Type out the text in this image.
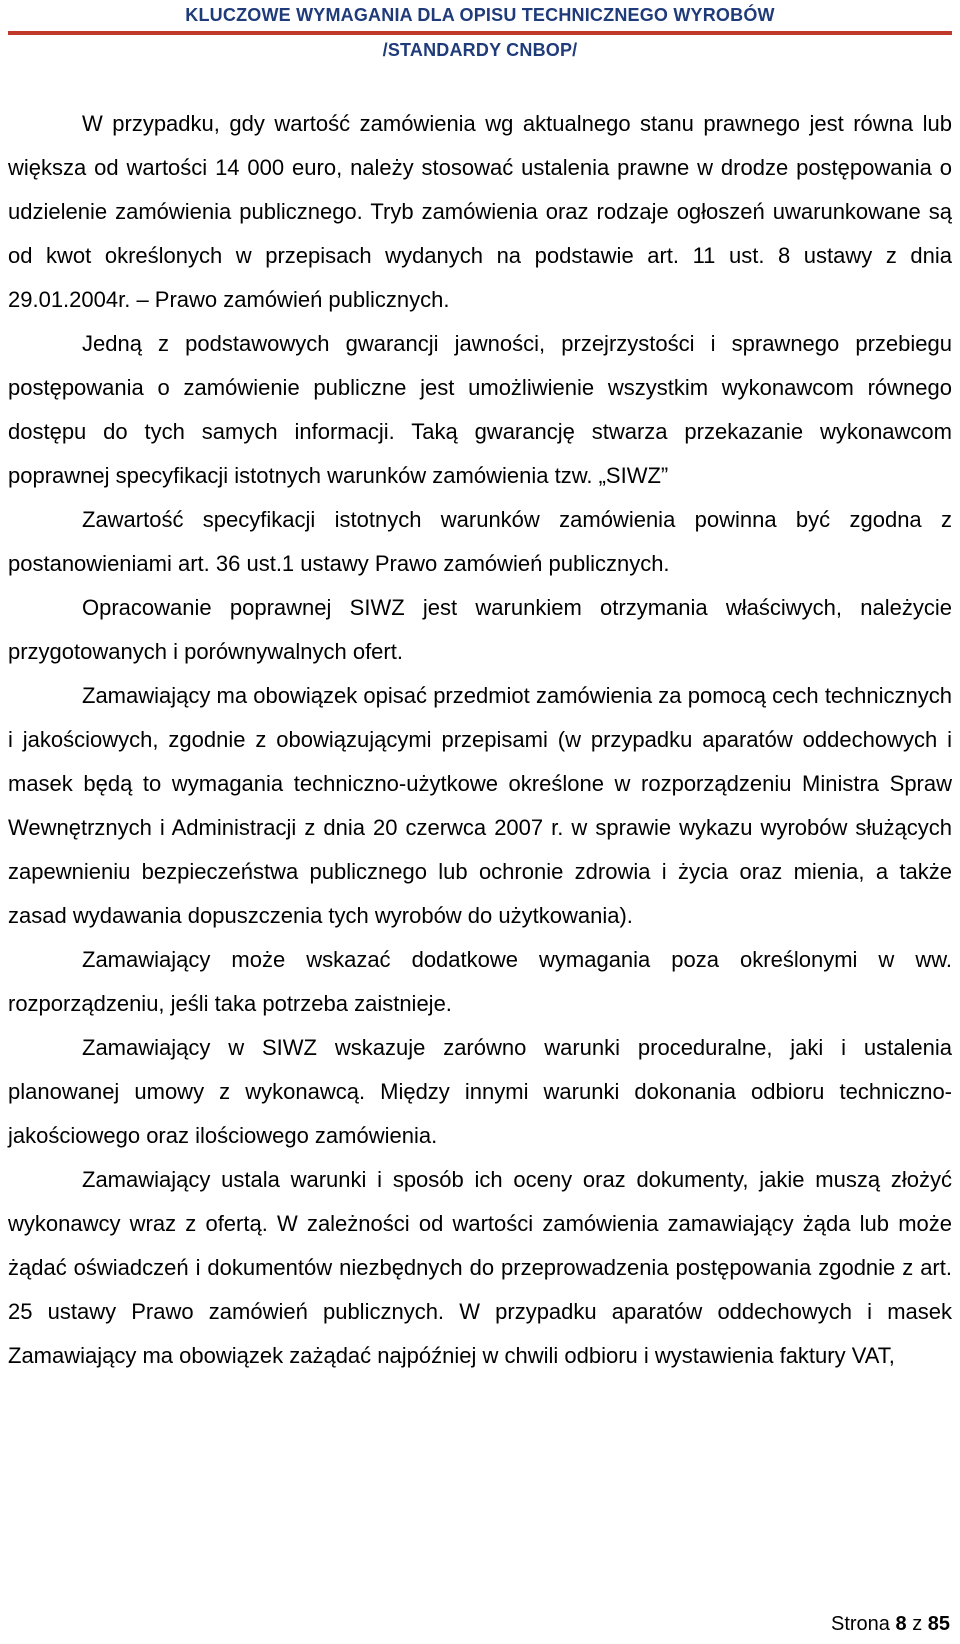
KLUCZOWE WYMAGANIA DLA OPISU TECHNICZNEGO WYROBÓW
/STANDARDY CNBOP/

W przypadku, gdy wartość zamówienia wg aktualnego stanu prawnego jest równa lub większa od wartości 14 000 euro, należy stosować ustalenia prawne w drodze postępowania o udzielenie zamówienia publicznego. Tryb zamówienia oraz rodzaje ogłoszeń uwarunkowane są od kwot określonych w przepisach wydanych na podstawie art. 11 ust. 8 ustawy z dnia 29.01.2004r. – Prawo zamówień publicznych.

Jedną z podstawowych gwarancji jawności, przejrzystości i sprawnego przebiegu postępowania o zamówienie publiczne jest umożliwienie wszystkim wykonawcom równego dostępu do tych samych informacji. Taką gwarancję stwarza przekazanie wykonawcom poprawnej specyfikacji istotnych warunków zamówienia tzw. „SIWZ”

Zawartość specyfikacji istotnych warunków zamówienia powinna być zgodna z postanowieniami art. 36 ust.1 ustawy Prawo zamówień publicznych.

Opracowanie poprawnej SIWZ jest warunkiem otrzymania właściwych, należycie przygotowanych i porównywalnych ofert.

Zamawiający ma obowiązek opisać przedmiot zamówienia za pomocą cech technicznych i jakościowych, zgodnie z obowiązującymi przepisami (w przypadku aparatów oddechowych i masek będą to wymagania techniczno-użytkowe określone w rozporządzeniu Ministra Spraw Wewnętrznych i Administracji z dnia 20 czerwca 2007 r. w sprawie wykazu wyrobów służących zapewnieniu bezpieczeństwa publicznego lub ochronie zdrowia i życia oraz mienia, a także zasad wydawania dopuszczenia tych wyrobów do użytkowania).

Zamawiający może wskazać dodatkowe wymagania poza określonymi w ww. rozporządzeniu, jeśli taka potrzeba zaistnieje.

Zamawiający w SIWZ wskazuje zarówno warunki proceduralne, jaki i ustalenia planowanej umowy z wykonawcą. Między innymi warunki dokonania odbioru techniczno-jakościowego oraz ilościowego zamówienia.

Zamawiający ustala warunki i sposób ich oceny oraz dokumenty, jakie muszą złożyć wykonawcy wraz z ofertą. W zależności od wartości zamówienia zamawiający żąda lub może żądać oświadczeń i dokumentów niezbędnych do przeprowadzenia postępowania zgodnie z art. 25 ustawy Prawo zamówień publicznych. W przypadku aparatów oddechowych i masek Zamawiający ma obowiązek zażądać najpóźniej w chwili odbioru i wystawienia faktury VAT,

Strona 8 z 85
